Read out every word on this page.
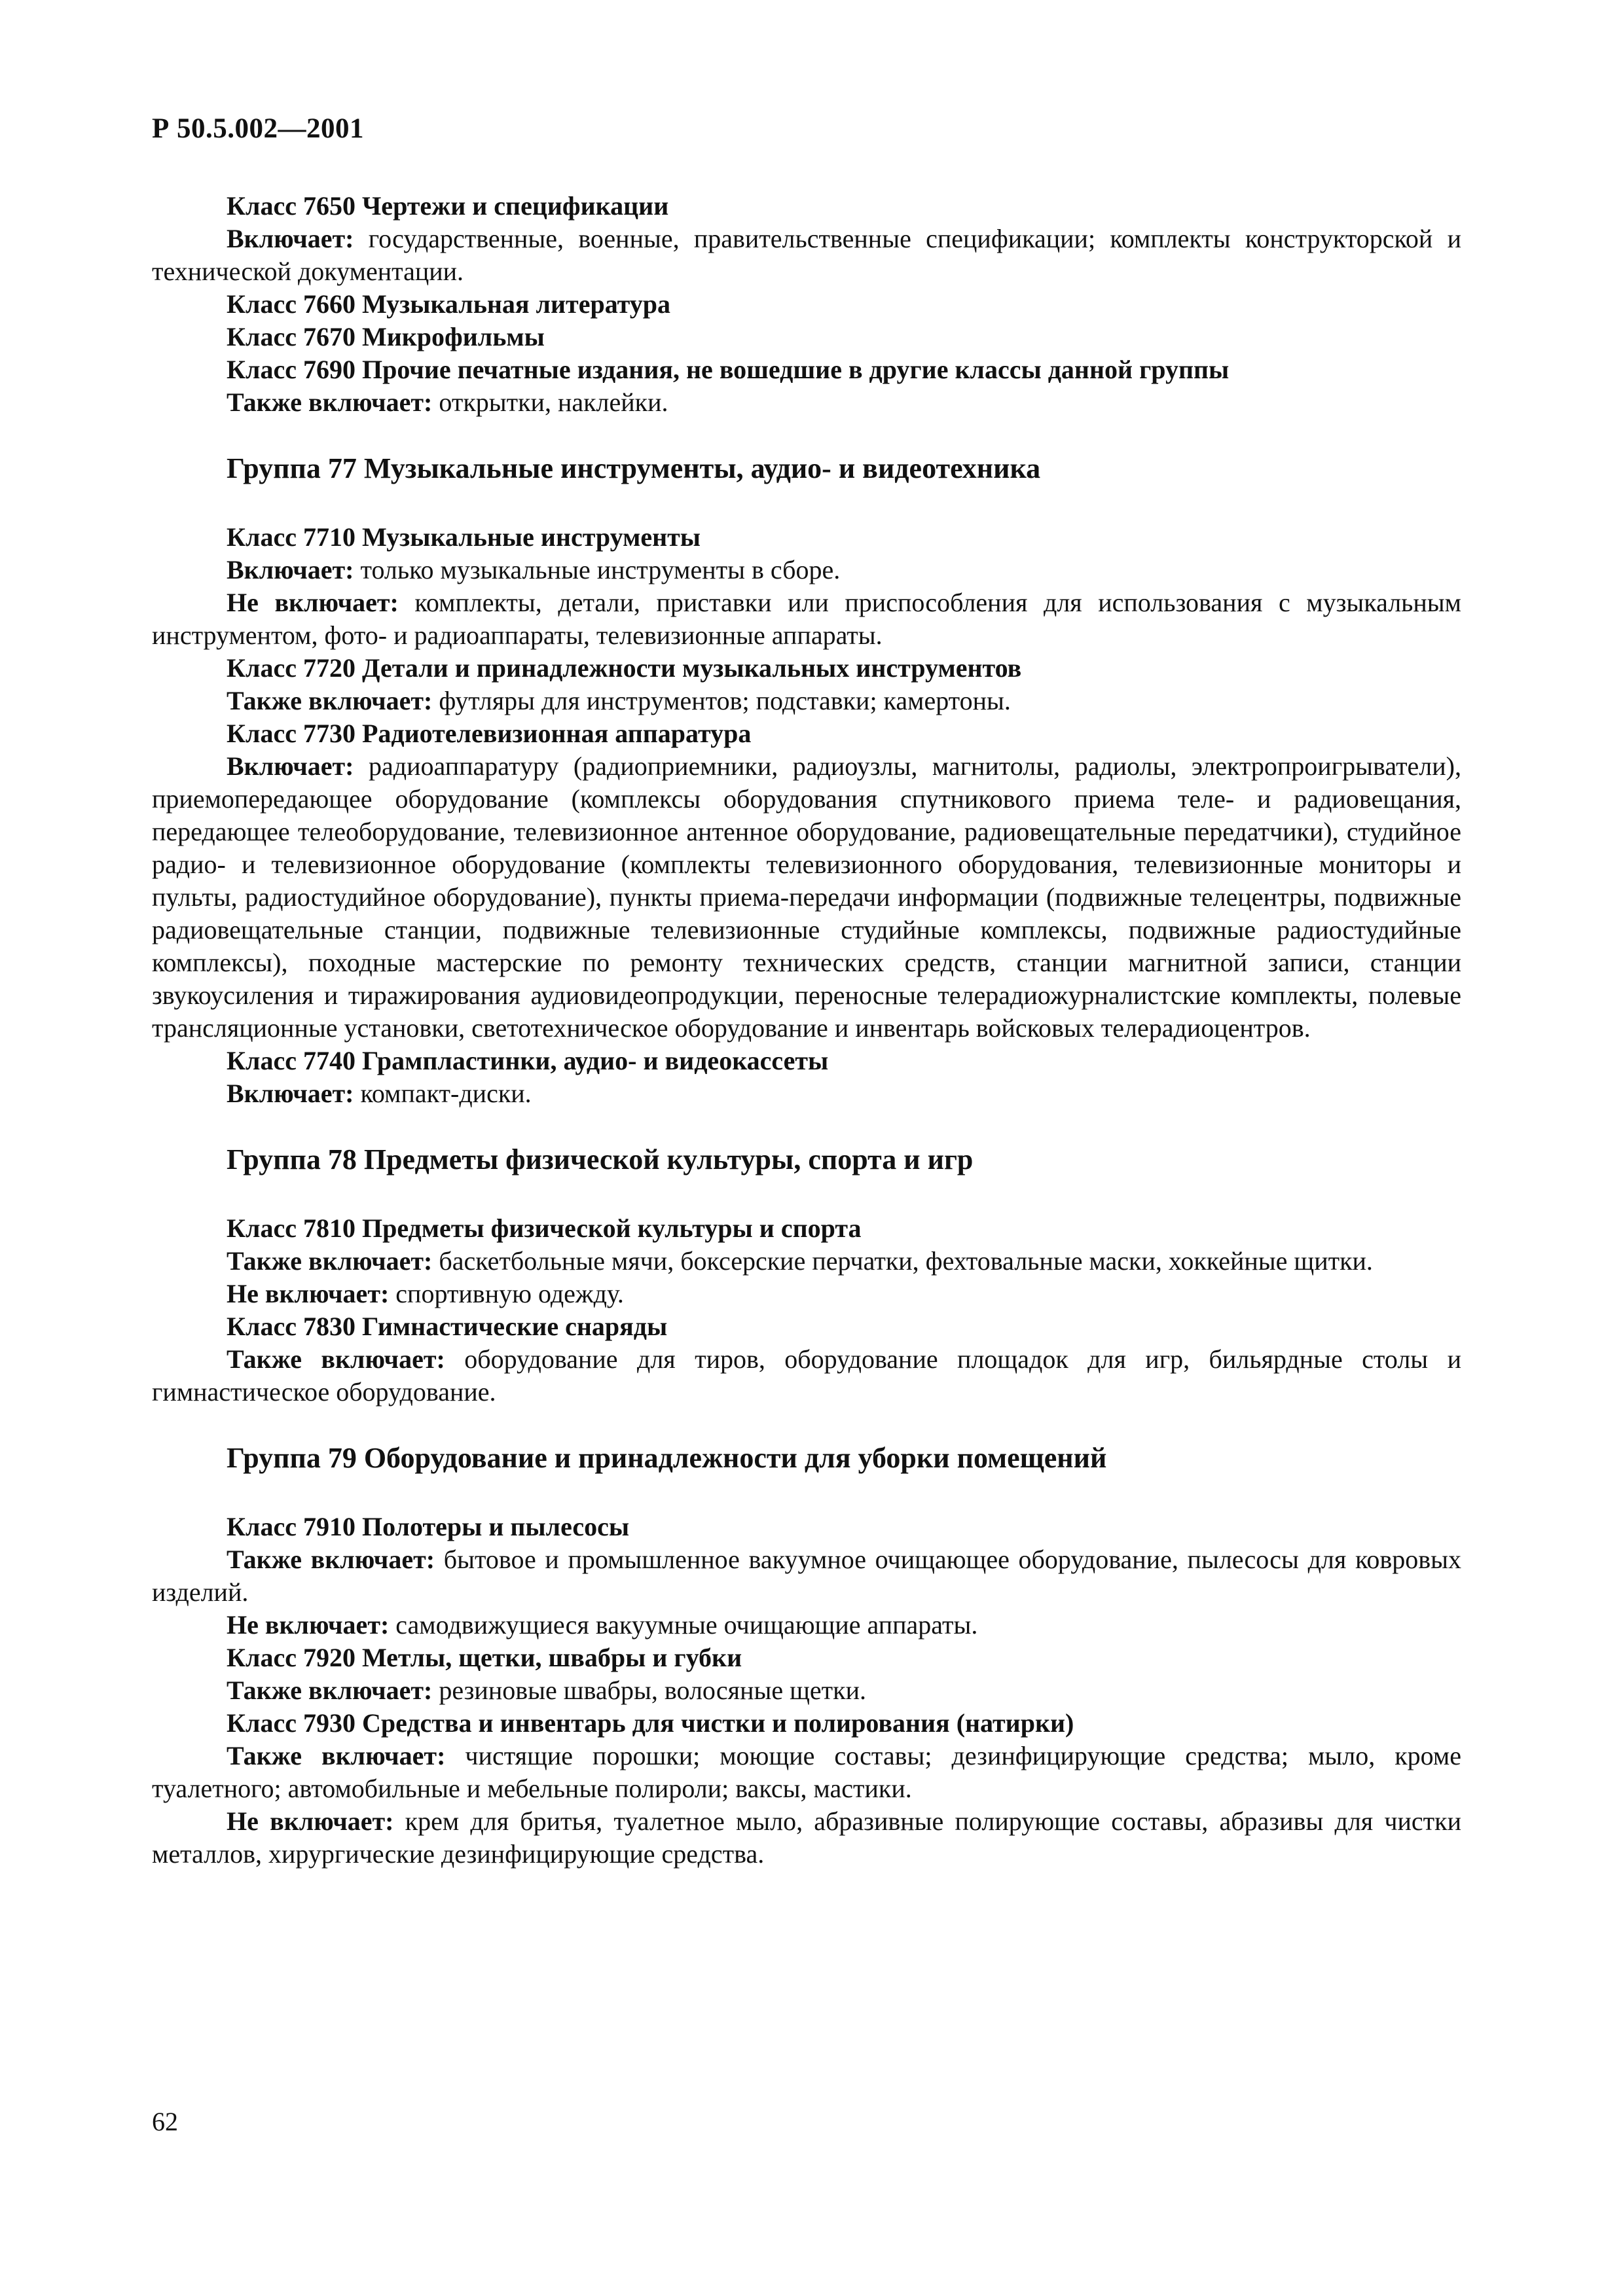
Р 50.5.002—2001
Класс 7650 Чертежи и спецификации
Включает: государственные, военные, правительственные спецификации; комплекты конструкторской и технической документации.
Класс 7660 Музыкальная литература
Класс 7670 Микрофильмы
Класс 7690 Прочие печатные издания, не вошедшие в другие классы данной группы
Также включает: открытки, наклейки.
Группа 77 Музыкальные инструменты, аудио- и видеотехника
Класс 7710 Музыкальные инструменты
Включает: только музыкальные инструменты в сборе.
Не включает: комплекты, детали, приставки или приспособления для использования с музыкальным инструментом, фото- и радиоаппараты, телевизионные аппараты.
Класс 7720 Детали и принадлежности музыкальных инструментов
Также включает: футляры для инструментов; подставки; камертоны.
Класс 7730 Радиотелевизионная аппаратура
Включает: радиоаппаратуру (радиоприемники, радиоузлы, магнитолы, радиолы, электропроигрыватели), приемопередающее оборудование (комплексы оборудования спутникового приема теле- и радиовещания, передающее телеоборудование, телевизионное антенное оборудование, радиовещательные передатчики), студийное радио- и телевизионное оборудование (комплекты телевизионного оборудования, телевизионные мониторы и пульты, радиостудийное оборудование), пункты приема-передачи информации (подвижные телецентры, подвижные радиовещательные станции, подвижные телевизионные студийные комплексы, подвижные радиостудийные комплексы), походные мастерские по ремонту технических средств, станции магнитной записи, станции звукоусиления и тиражирования аудиовидеопродукции, переносные телерадиожурналистские комплекты, полевые трансляционные установки, светотехническое оборудование и инвентарь войсковых телерадиоцентров.
Класс 7740 Грампластинки, аудио- и видеокассеты
Включает: компакт-диски.
Группа 78 Предметы физической культуры, спорта и игр
Класс 7810 Предметы физической культуры и спорта
Также включает: баскетбольные мячи, боксерские перчатки, фехтовальные маски, хоккейные щитки.
Не включает: спортивную одежду.
Класс 7830 Гимнастические снаряды
Также включает: оборудование для тиров, оборудование площадок для игр, бильярдные столы и гимнастическое оборудование.
Группа 79 Оборудование и принадлежности для уборки помещений
Класс 7910 Полотеры и пылесосы
Также включает: бытовое и промышленное вакуумное очищающее оборудование, пылесосы для ковровых изделий.
Не включает: самодвижущиеся вакуумные очищающие аппараты.
Класс 7920 Метлы, щетки, швабры и губки
Также включает: резиновые швабры, волосяные щетки.
Класс 7930 Средства и инвентарь для чистки и полирования (натирки)
Также включает: чистящие порошки; моющие составы; дезинфицирующие средства; мыло, кроме туалетного; автомобильные и мебельные полироли; ваксы, мастики.
Не включает: крем для бритья, туалетное мыло, абразивные полирующие составы, абразивы для чистки металлов, хирургические дезинфицирующие средства.
62
